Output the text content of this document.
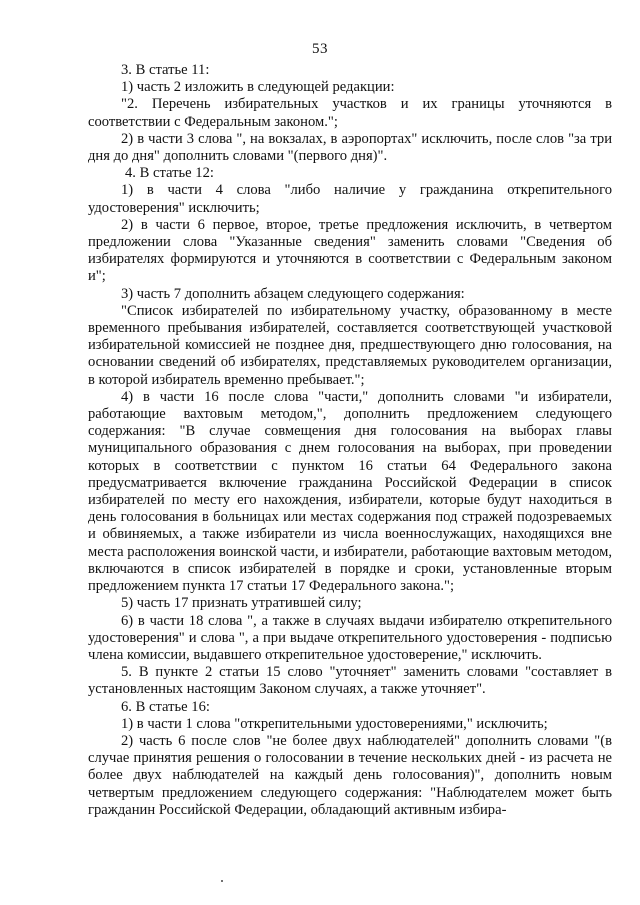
53

3. В статье 11:

1) часть 2 изложить в следующей редакции:

"2. Перечень избирательных участков и их границы уточняются в соответствии с Федеральным законом.";

2) в части 3 слова ", на вокзалах, в аэропортах" исключить, после слов "за три дня до дня" дополнить словами "(первого дня)".

4. В статье 12:

1) в части 4 слова "либо наличие у гражданина открепительного удостоверения" исключить;

2) в части 6 первое, второе, третье предложения исключить, в четвертом предложении слова "Указанные сведения" заменить словами "Сведения об избирателях формируются и уточняются в соответствии с Федеральным законом и";

3) часть 7 дополнить абзацем следующего содержания:

"Список избирателей по избирательному участку, образованному в месте временного пребывания избирателей, составляется соответствующей участковой избирательной комиссией не позднее дня, предшествующего дню голосования, на основании сведений об избирателях, представляемых руководителем организации, в которой избиратель временно пребывает.";

4) в части 16 после слова "части," дополнить словами "и избиратели, работающие вахтовым методом,", дополнить предложением следующего содержания: "В случае совмещения дня голосования на выборах главы муниципального образования с днем голосования на выборах, при проведении которых в соответствии с пунктом 16 статьи 64 Федерального закона предусматривается включение гражданина Российской Федерации в список избирателей по месту его нахождения, избиратели, которые будут находиться в день голосования в больницах или местах содержания под стражей подозреваемых и обвиняемых, а также избиратели из числа военнослужащих, находящихся вне места расположения воинской части, и избиратели, работающие вахтовым методом, включаются в список избирателей в порядке и сроки, установленные вторым предложением пункта 17 статьи 17 Федерального закона.";

5) часть 17 признать утратившей силу;

6) в части 18 слова ", а также в случаях выдачи избирателю открепительного удостоверения" и слова ", а при выдаче открепительного удостоверения - подписью члена комиссии, выдавшего открепительное удостоверение," исключить.

5. В пункте 2 статьи 15 слово "уточняет" заменить словами "составляет в установленных настоящим Законом случаях, а также уточняет".

6. В статье 16:

1) в части 1 слова "открепительными удостоверениями," исключить;

2) часть 6 после слов "не более двух наблюдателей" дополнить словами "(в случае принятия решения о голосовании в течение нескольких дней - из расчета не более двух наблюдателей на каждый день голосования)", дополнить новым четвертым предложением следующего содержания: "Наблюдателем может быть гражданин Российской Федерации, обладающий активным избира-
